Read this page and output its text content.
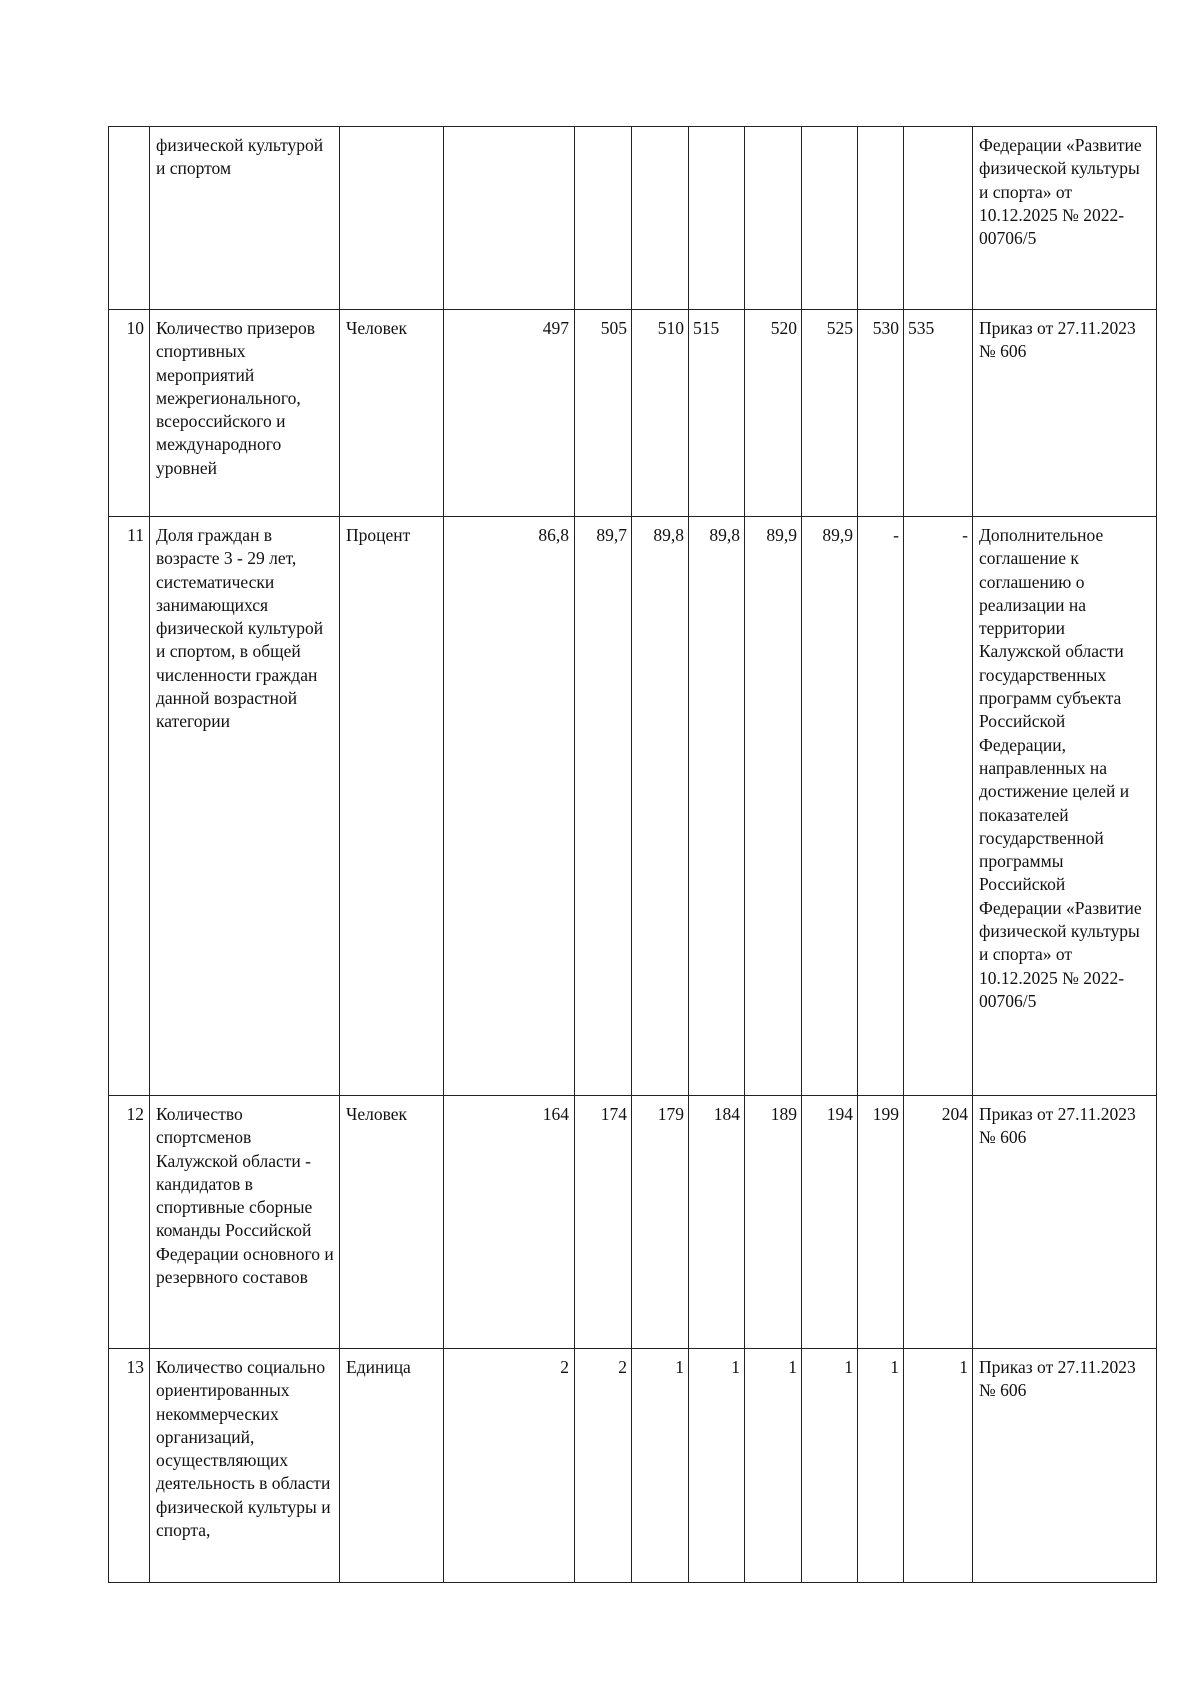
	физической культурой и спортом										Федерации «Развитие физической культуры и спорта» от 10.12.2025 № 2022-00706/5
10	Количество призеров спортивных мероприятий межрегионального, всероссийского и международного уровней	Человек	497	505	510	515	520	525	530	535	Приказ от 27.11.2023 № 606
11	Доля граждан в возрасте 3 - 29 лет, систематически занимающихся физической культурой и спортом, в общей численности граждан данной возрастной категории	Процент	86,8	89,7	89,8	89,8	89,9	89,9	-	-	Дополнительное соглашение к соглашению о реализации на территории Калужской области государственных программ субъекта Российской Федерации, направленных на достижение целей и показателей государственной программы Российской Федерации «Развитие физической культуры и спорта» от 10.12.2025 № 2022-00706/5
12	Количество спортсменов Калужской области - кандидатов в спортивные сборные команды Российской Федерации основного и резервного составов	Человек	164	174	179	184	189	194	199	204	Приказ от 27.11.2023 № 606
13	Количество социально ориентированных некоммерческих организаций, осуществляющих деятельность в области физической культуры и спорта,	Единица	2	2	1	1	1	1	1	1	Приказ от 27.11.2023 № 606
